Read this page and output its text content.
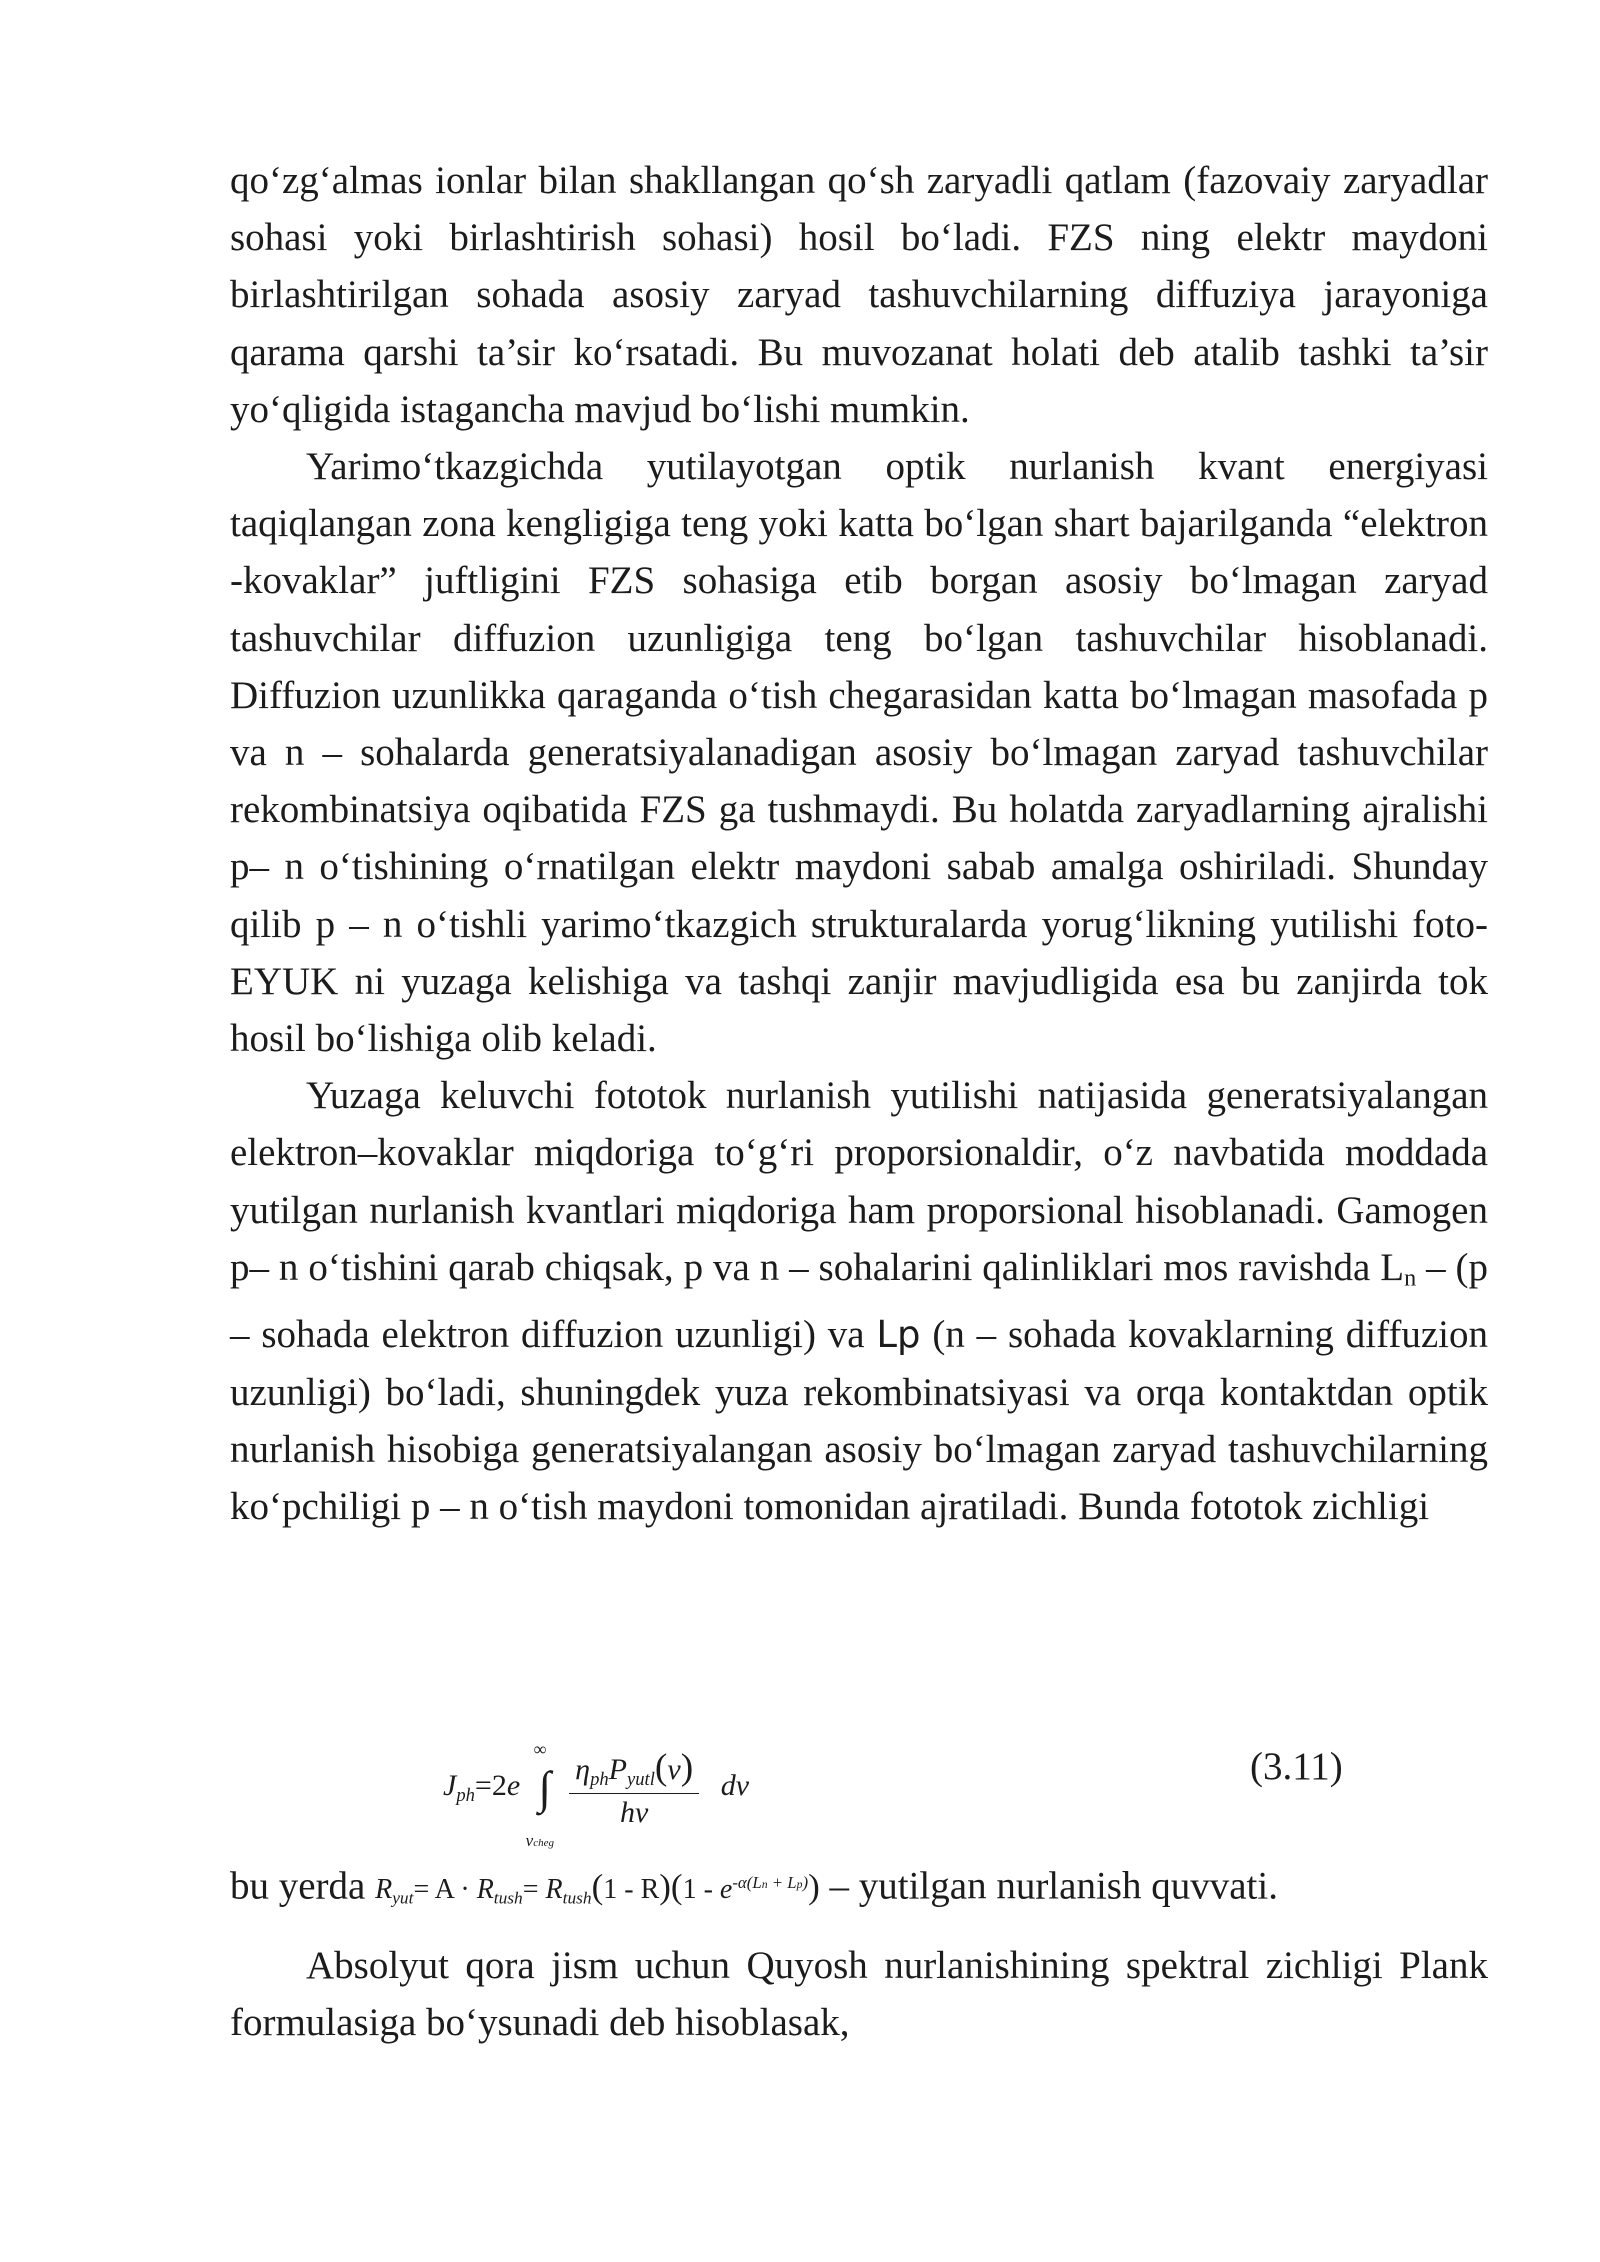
qo‘zg‘almas ionlar bilan shakllangan qo‘sh zaryadli qatlam (fazovaiy zaryadlar sohasi yoki birlashtirish sohasi) hosil bo‘ladi. FZS ning elektr maydoni birlashtirilgan sohada asosiy zaryad tashuvchilarning diffuziya jarayoniga qarama qarshi ta’sir ko‘rsatadi. Bu muvozanat holati deb atalib tashki ta’sir yo‘qligida istagancha mavjud bo‘lishi mumkin.

Yarimo‘tkazgichda yutilayotgan optik nurlanish kvant energiyasi taqiqlangan zona kengligiga teng yoki katta bo‘lgan shart bajarilganda “elektron -kovaklar” juftligini FZS sohasiga etib borgan asosiy bo‘lmagan zaryad tashuvchilar diffuzion uzunligiga teng bo‘lgan tashuvchilar hisoblanadi. Diffuzion uzunlikka qaraganda o‘tish chegarasidan katta bo‘lmagan masofada p va n – sohalarda generatsiyalanadigan asosiy bo‘lmagan zaryad tashuvchilar rekombinatsiya oqibatida FZS ga tushmaydi. Bu holatda zaryadlarning ajralishi p– n o‘tishining o‘rnatilgan elektr maydoni sabab amalga oshiriladi. Shunday qilib p – n o‘tishli yarimo‘tkazgich strukturalarda yorug‘likning yutilishi foto-EYUK ni yuzaga kelishiga va tashqi zanjir mavjudligida esa bu zanjirda tok hosil bo‘lishiga olib keladi.

Yuzaga keluvchi fototok nurlanish yutilishi natijasida generatsiyalangan elektron–kovaklar miqdoriga to‘g‘ri proporsionaldir, o‘z navbatida moddada yutilgan nurlanish kvantlari miqdoriga ham proporsional hisoblanadi. Gamogen p– n o‘tishini qarab chiqsak, p va n – sohalarini qalinliklari mos ravishda Ln – (p – sohada elektron diffuzion uzunligi) va Lp (n – sohada kovaklarning diffuzion uzunligi) bo‘ladi, shuningdek yuza rekombinatsiyasi va orqa kontaktdan optik nurlanish hisobiga generatsiyalangan asosiy bo‘lmagan zaryad tashuvchilarning ko‘pchiligi p – n o‘tish maydoni tomonidan ajratiladi. Bunda fototok zichligi

$J_{ph}=2e$ ∫
∞
νcheg

$\frac{\eta_{ph}P_{yutl}(\nu)}{h\nu}$ dν	(3.11)

bu yerda $R_{yut}= A \cdot R_{tush}= R_{tush}(1 - R)(1 - e^{-\alpha(Ln + Lp)})$ – yutilgan nurlanish quvvati.

Absolyut qora jism uchun Quyosh nurlanishining spektral zichligi Plank formulasiga bo‘ysunadi deb hisoblasak,
